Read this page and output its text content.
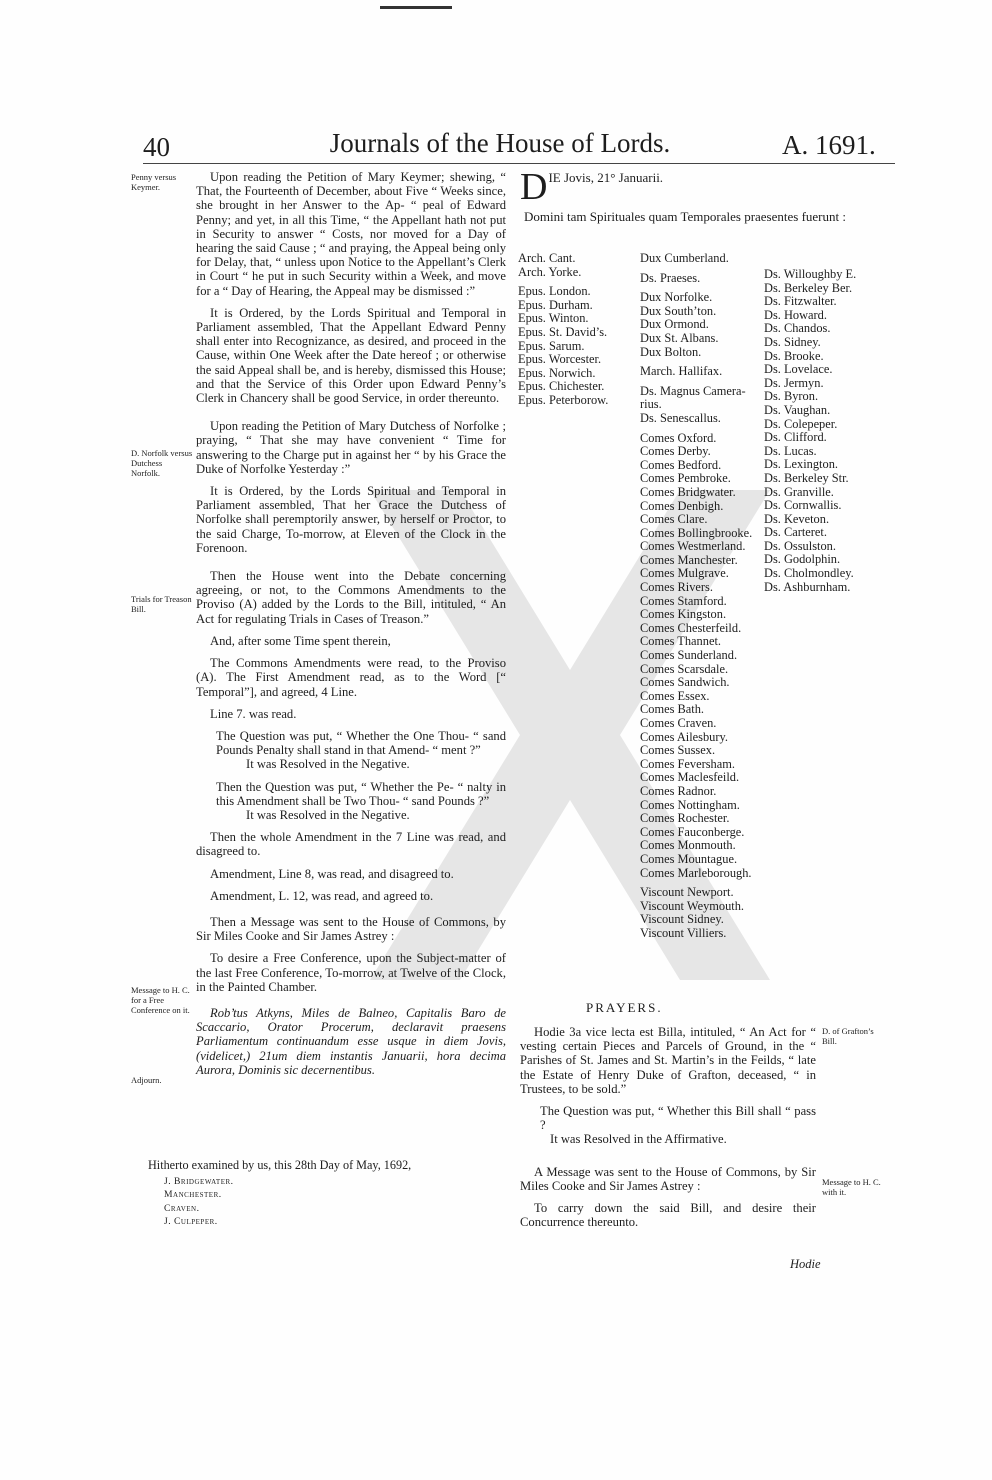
40	Journals of the House of Lords.	A. 1691.
Penny versus Keymer.
D. Norfolk versus Dutchess Norfolk.
Trials for Treason Bill.
Message to H. C. for a Free Conference on it.
Adjourn.

Upon reading the Petition of Mary Keymer; shewing, “ That, the Fourteenth of December, about Five “ Weeks since, she brought in her Answer to the Ap- “ peal of Edward Penny; and yet, in all this Time, “ the Appellant hath not put in Security to answer “ Costs, nor moved for a Day of hearing the said Cause ; “ and praying, the Appeal being only for Delay, that, “ unless upon Notice to the Appellant’s Clerk in Court “ he put in such Security within a Week, and move for a “ Day of Hearing, the Appeal may be dismissed :”

It is Ordered, by the Lords Spiritual and Temporal in Parliament assembled, That the Appellant Edward Penny shall enter into Recognizance, as desired, and proceed in the Cause, within One Week after the Date hereof ; or otherwise the said Appeal shall be, and is hereby, dismissed this House; and that the Service of this Order upon Edward Penny’s Clerk in Chancery shall be good Service, in order thereunto.

Upon reading the Petition of Mary Dutchess of Norfolke ; praying, “ That she may have convenient “ Time for answering to the Charge put in against her “ by his Grace the Duke of Norfolke Yesterday :”

It is Ordered, by the Lords Spiritual and Temporal in Parliament assembled, That her Grace the Dutchess of Norfolke shall peremptorily answer, by herself or Proctor, to the said Charge, To-morrow, at Eleven of the Clock in the Forenoon.

Then the House went into the Debate concerning agreeing, or not, to the Commons Amendments to the Proviso (A) added by the Lords to the Bill, intituled, “ An Act for regulating Trials in Cases of Treason.”

And, after some Time spent therein,

The Commons Amendments were read, to the Proviso (A). The First Amendment read, as to the Word [“ Temporal”], and agreed, 4 Line.

Line 7. was read.

The Question was put, “ Whether the One Thou- “ sand Pounds Penalty shall stand in that Amend- “ ment ?”

It was Resolved in the Negative.

Then the Question was put, “ Whether the Pe- “ nalty in this Amendment shall be Two Thou- “ sand Pounds ?”

It was Resolved in the Negative.

Then the whole Amendment in the 7 Line was read, and disagreed to.

Amendment, Line 8, was read, and disagreed to.

Amendment, L. 12, was read, and agreed to.

Then a Message was sent to the House of Commons, by Sir Miles Cooke and Sir James Astrey :

To desire a Free Conference, upon the Subject-matter of the last Free Conference, To-morrow, at Twelve of the Clock, in the Painted Chamber.

Rob’tus Atkyns, Miles de Balneo, Capitalis Baro de Scaccario, Orator Procerum, declaravit praesens Parliamentum continuandum esse usque in diem Jovis, (videlicet,) 21um diem instantis Januarii, hora decima Aurora, Dominis sic decernentibus.

Hitherto examined by us, this 28th Day of May, 1692,
J. Bridgewater.
Manchester.
Craven.
J. Culpeper.
D IE Jovis, 21° Januarii.
Domini tam Spirituales quam Temporales praesentes fuerunt :
Arch. Cant.
Arch. Yorke.
Epus. London.
Epus. Durham.
Epus. Winton.
Epus. St. David’s.
Epus. Sarum.
Epus. Worcester.
Epus. Norwich.
Epus. Chichester.
Epus. Peterborow.
Dux Cumberland.
Ds. Praeses.
Dux Norfolke.
Dux South’ton.
Dux Ormond.
Dux St. Albans.
Dux Bolton.
March. Hallifax.
Ds. Magnus Camera-
rius.
Ds. Senescallus.
Comes Oxford.
Comes Derby.
Comes Bedford.
Comes Pembroke.
Comes Bridgwater.
Comes Denbigh.
Comes Clare.
Comes Bollingbrooke.
Comes Westmerland.
Comes Manchester.
Comes Mulgrave.
Comes Rivers.
Comes Stamford.
Comes Kingston.
Comes Chesterfeild.
Comes Thannet.
Comes Sunderland.
Comes Scarsdale.
Comes Sandwich.
Comes Essex.
Comes Bath.
Comes Craven.
Comes Ailesbury.
Comes Sussex.
Comes Feversham.
Comes Maclesfeild.
Comes Radnor.
Comes Nottingham.
Comes Rochester.
Comes Fauconberge.
Comes Monmouth.
Comes Mountague.
Comes Marleborough.
Viscount Newport.
Viscount Weymouth.
Viscount Sidney.
Viscount Villiers.
Ds. Willoughby E.
Ds. Berkeley Ber.
Ds. Fitzwalter.
Ds. Howard.
Ds. Chandos.
Ds. Sidney.
Ds. Brooke.
Ds. Lovelace.
Ds. Jermyn.
Ds. Byron.
Ds. Vaughan.
Ds. Colepeper.
Ds. Clifford.
Ds. Lucas.
Ds. Lexington.
Ds. Berkeley Str.
Ds. Granville.
Ds. Cornwallis.
Ds. Keveton.
Ds. Carteret.
Ds. Ossulston.
Ds. Godolphin.
Ds. Cholmondley.
Ds. Ashburnham.
PRAYERS.

Hodie 3a vice lecta est Billa, intituled, “ An Act for “ vesting certain Pieces and Parcels of Ground, in the “ Parishes of St. James and St. Martin’s in the Feilds, “ late the Estate of Henry Duke of Grafton, deceased, “ in Trustees, to be sold.”

The Question was put, “ Whether this Bill shall “ pass ?

It was Resolved in the Affirmative.

A Message was sent to the House of Commons, by Sir Miles Cooke and Sir James Astrey :

To carry down the said Bill, and desire their Concurrence thereunto.

D. of Grafton’s Bill.
Message to H. C. with it.
Hodie
